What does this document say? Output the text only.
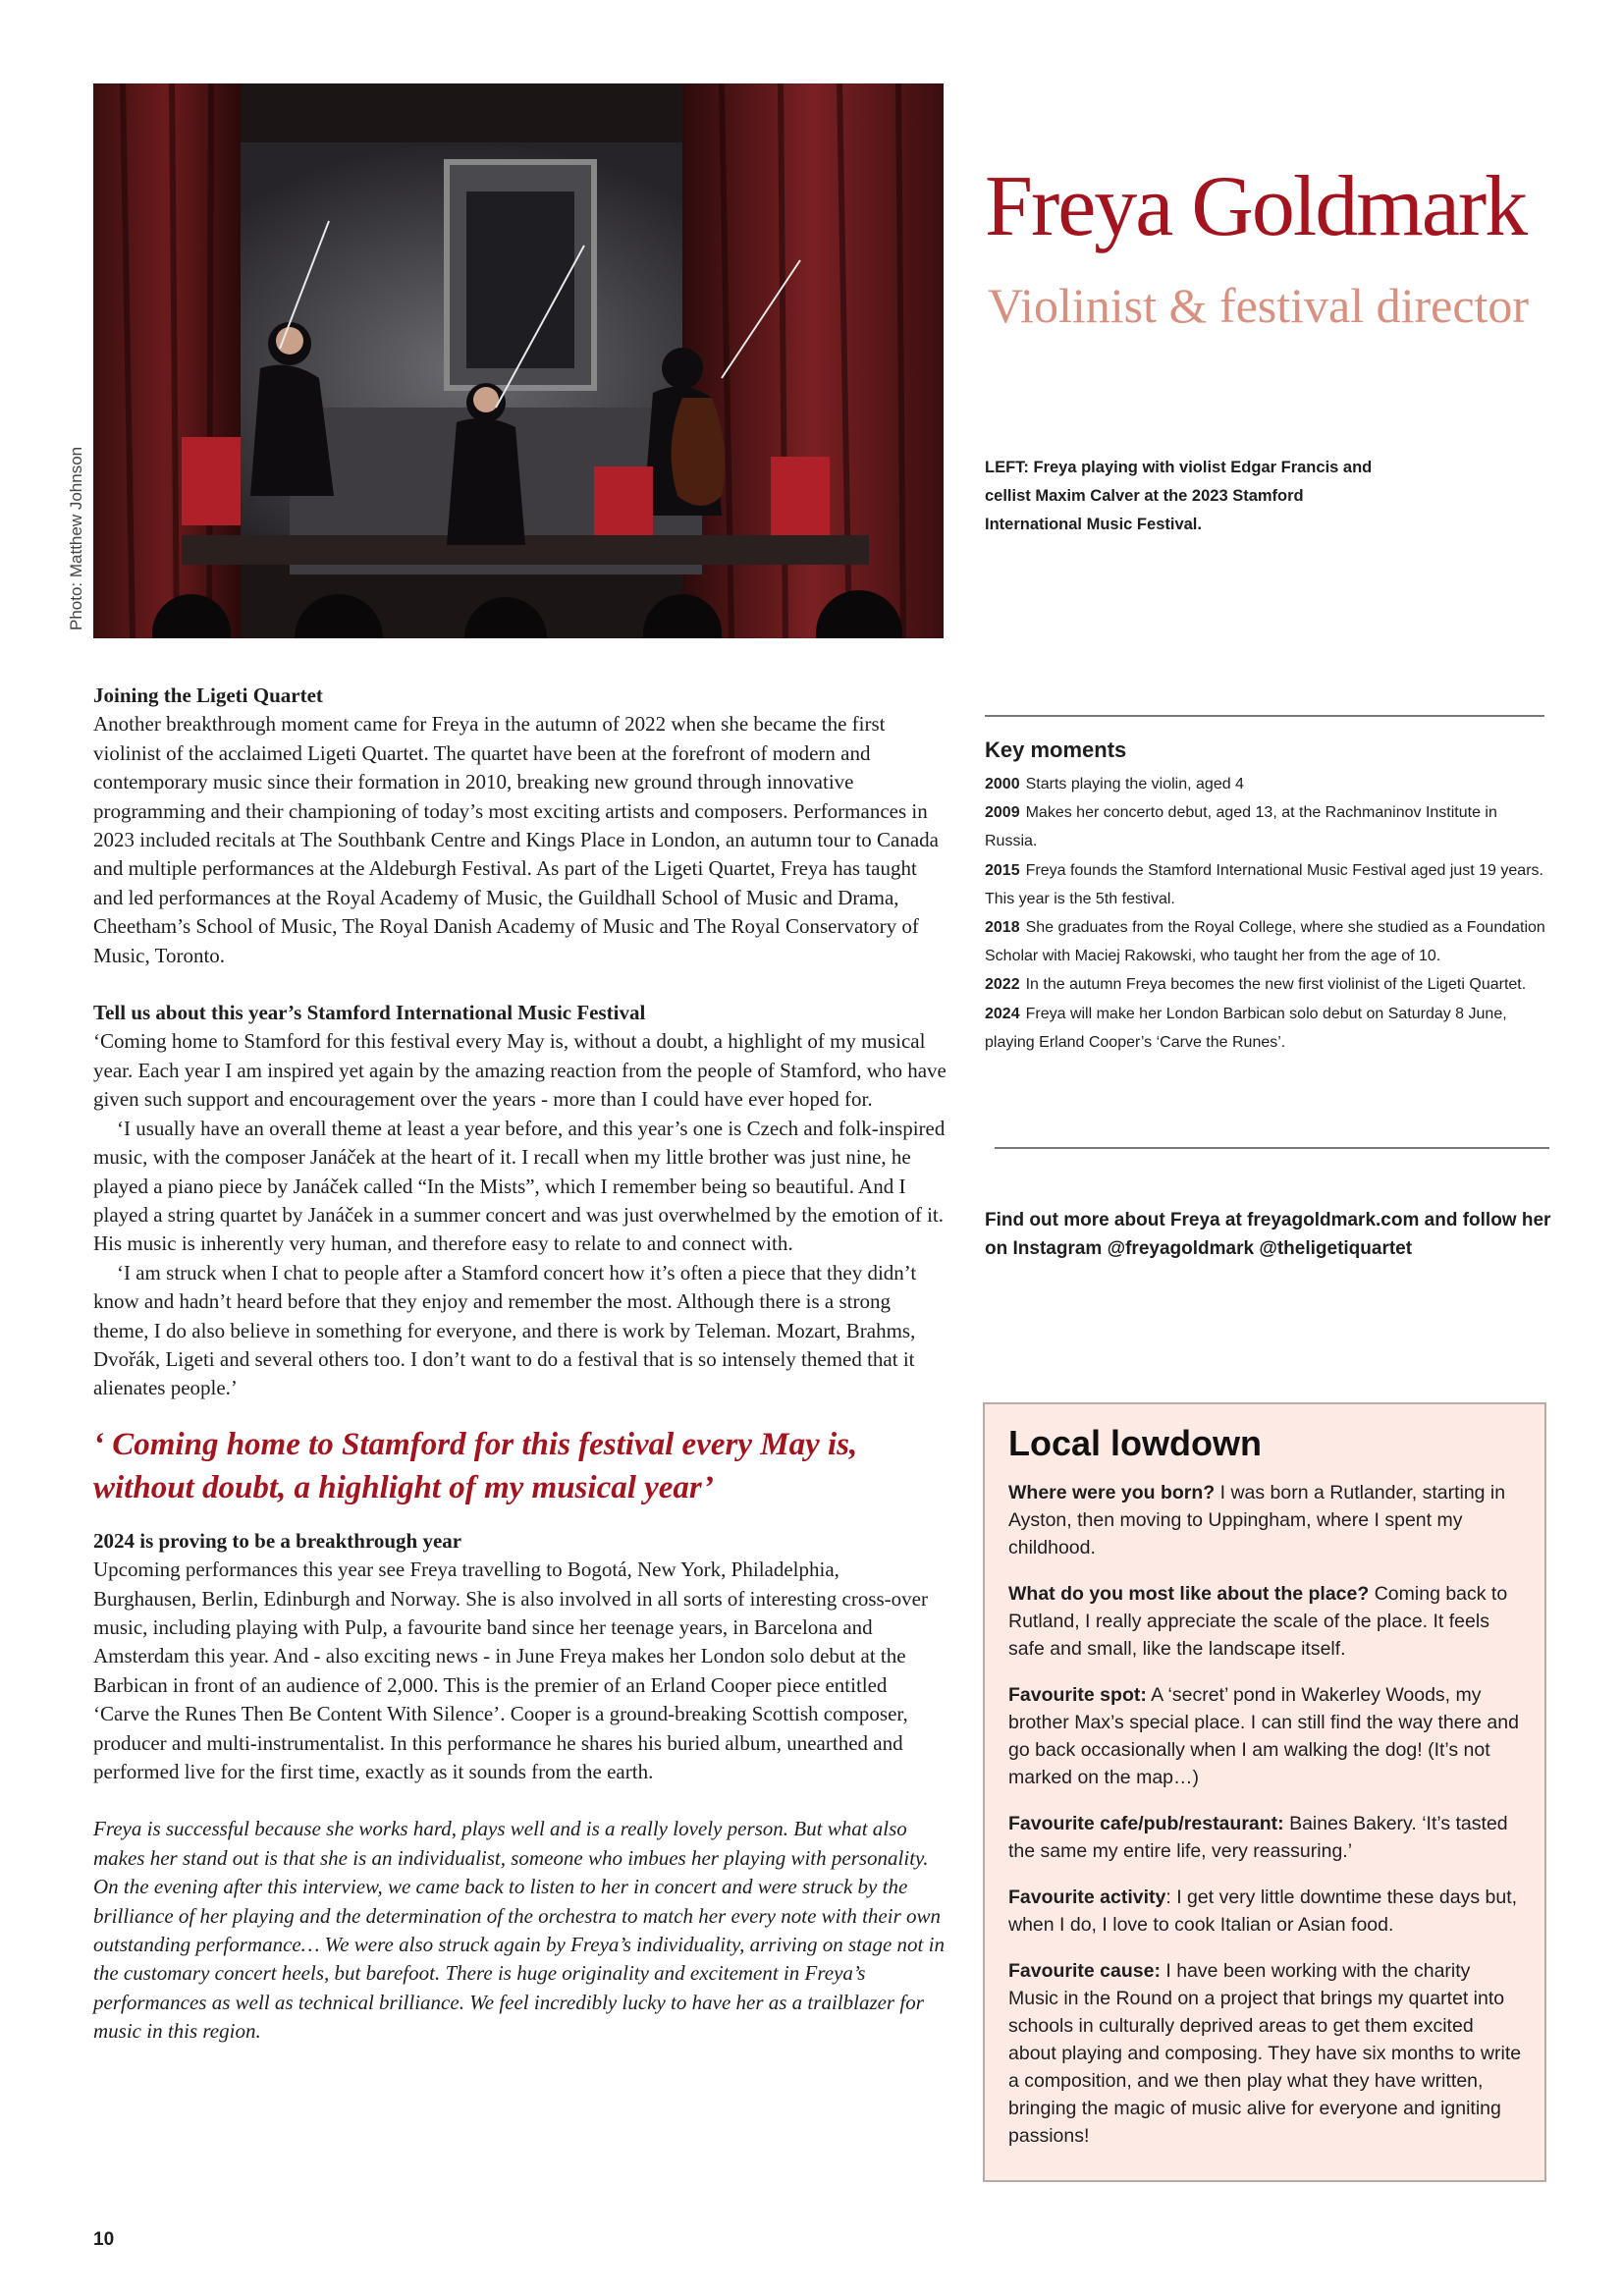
Photo: Matthew Johnson
Freya Goldmark
Violinist & festival director
LEFT: Freya playing with violist Edgar Francis and cellist Maxim Calver at the 2023 Stamford International Music Festival.
Joining the Ligeti Quartet

Another breakthrough moment came for Freya in the autumn of 2022 when she became the first violinist of the acclaimed Ligeti Quartet. The quartet have been at the forefront of modern and contemporary music since their formation in 2010, breaking new ground through innovative programming and their championing of today’s most exciting artists and composers. Performances in 2023 included recitals at The Southbank Centre and Kings Place in London, an autumn tour to Canada and multiple performances at the Aldeburgh Festival. As part of the Ligeti Quartet, Freya has taught and led performances at the Royal Academy of Music, the Guildhall School of Music and Drama, Cheetham’s School of Music, The Royal Danish Academy of Music and The Royal Conservatory of Music, Toronto.

Tell us about this year’s Stamford International Music Festival

‘Coming home to Stamford for this festival every May is, without a doubt, a highlight of my musical year. Each year I am inspired yet again by the amazing reaction from the people of Stamford, who have given such support and encouragement over the years - more than I could have ever hoped for.

‘I usually have an overall theme at least a year before, and this year’s one is Czech and folk-inspired music, with the composer Janáček at the heart of it. I recall when my little brother was just nine, he played a piano piece by Janáček called “In the Mists”, which I remember being so beautiful. And I played a string quartet by Janáček in a summer concert and was just overwhelmed by the emotion of it. His music is inherently very human, and therefore easy to relate to and connect with.

‘I am struck when I chat to people after a Stamford concert how it’s often a piece that they didn’t know and hadn’t heard before that they enjoy and remember the most. Although there is a strong theme, I do also believe in something for everyone, and there is work by Teleman. Mozart, Brahms, Dvořák, Ligeti and several others too. I don’t want to do a festival that is so intensely themed that it alienates people.’

‘ Coming home to Stamford for this festival every May is, without doubt, a highlight of my musical year’
2024 is proving to be a breakthrough year

Upcoming performances this year see Freya travelling to Bogotá, New York, Philadelphia, Burghausen, Berlin, Edinburgh and Norway. She is also involved in all sorts of interesting cross-over music, including playing with Pulp, a favourite band since her teenage years, in Barcelona and Amsterdam this year. And - also exciting news - in June Freya makes her London solo debut at the Barbican in front of an audience of 2,000. This is the premier of an Erland Cooper piece entitled ‘Carve the Runes Then Be Content With Silence’. Cooper is a ground-breaking Scottish composer, producer and multi-instrumentalist. In this performance he shares his buried album, unearthed and performed live for the first time, exactly as it sounds from the earth.

Freya is successful because she works hard, plays well and is a really lovely person. But what also makes her stand out is that she is an individualist, someone who imbues her playing with personality. On the evening after this interview, we came back to listen to her in concert and were struck by the brilliance of her playing and the determination of the orchestra to match her every note with their own outstanding performance… We were also struck again by Freya’s individuality, arriving on stage not in the customary concert heels, but barefoot. There is huge originality and excitement in Freya’s performances as well as technical brilliance. We feel incredibly lucky to have her as a trailblazer for music in this region.

Key moments

2000 Starts playing the violin, aged 4

2009 Makes her concerto debut, aged 13, at the Rachmaninov Institute in Russia.

2015 Freya founds the Stamford International Music Festival aged just 19 years. This year is the 5th festival.

2018 She graduates from the Royal College, where she studied as a Foundation Scholar with Maciej Rakowski, who taught her from the age of 10.

2022 In the autumn Freya becomes the new first violinist of the Ligeti Quartet.

2024 Freya will make her London Barbican solo debut on Saturday 8 June, playing Erland Cooper’s ‘Carve the Runes’.

Find out more about Freya at freyagoldmark.com and follow her on Instagram @freyagoldmark @theligetiquartet
Local lowdown

Where were you born? I was born a Rutlander, starting in Ayston, then moving to Uppingham, where I spent my childhood.

What do you most like about the place? Coming back to Rutland, I really appreciate the scale of the place. It feels safe and small, like the landscape itself.

Favourite spot: A ‘secret’ pond in Wakerley Woods, my brother Max’s special place. I can still find the way there and go back occasionally when I am walking the dog! (It’s not marked on the map…)

Favourite cafe/pub/restaurant: Baines Bakery. ‘It’s tasted the same my entire life, very reassuring.’

Favourite activity: I get very little downtime these days but, when I do, I love to cook Italian or Asian food.

Favourite cause: I have been working with the charity Music in the Round on a project that brings my quartet into schools in culturally deprived areas to get them excited about playing and composing. They have six months to write a composition, and we then play what they have written, bringing the magic of music alive for everyone and igniting passions!

10
